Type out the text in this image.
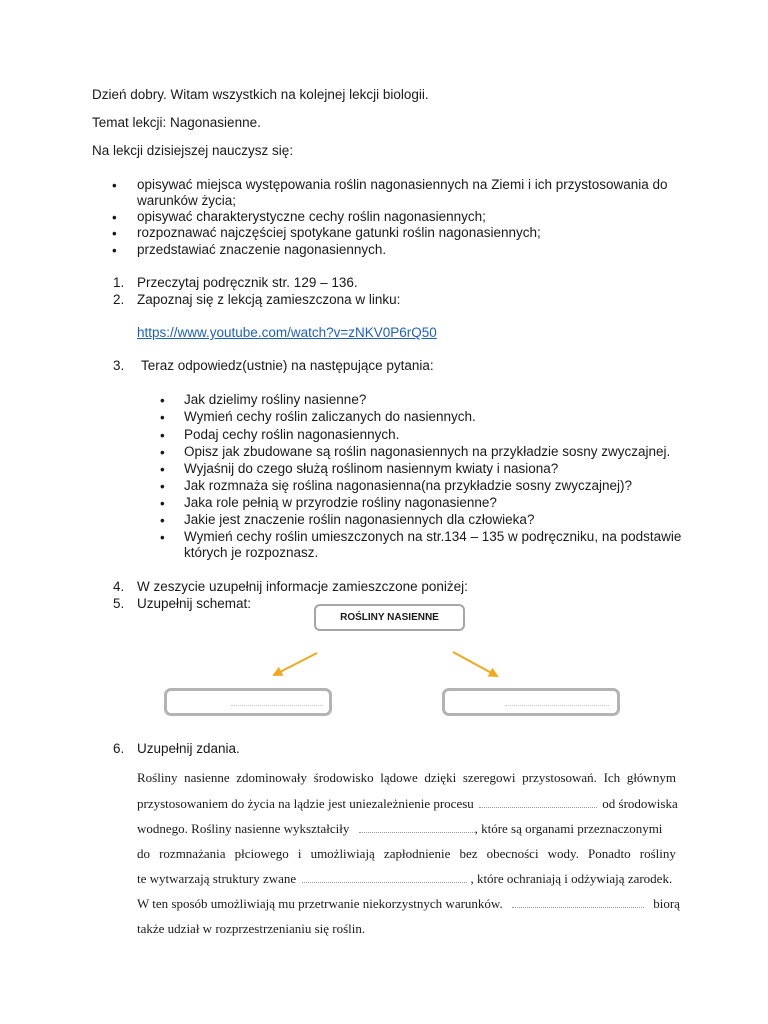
Dzień dobry. Witam wszystkich na kolejnej lekcji biologii.
Temat lekcji: Nagonasienne.
Na lekcji dzisiejszej nauczysz się:
• opisywać miejsca występowania roślin nagonasiennych na Ziemi i ich przystosowania do
warunków życia;
• opisywać charakterystyczne cechy roślin nagonasiennych;
• rozpoznawać najczęściej spotykane gatunki roślin nagonasiennych;
• przedstawiać znaczenie nagonasiennych.
1. Przeczytaj podręcznik str. 129 – 136.
2. Zapoznaj się z lekcją zamieszczona w linku:
https://www.youtube.com/watch?v=zNKV0P6rQ50
3. Teraz odpowiedz(ustnie) na następujące pytania:
• Jak dzielimy rośliny nasienne?
• Wymień cechy roślin zaliczanych do nasiennych.
• Podaj cechy roślin nagonasiennych.
• Opisz jak zbudowane są roślin nagonasiennych na przykładzie sosny zwyczajnej.
• Wyjaśnij do czego służą roślinom nasiennym kwiaty i nasiona?
• Jak rozmnaża się roślina nagonasienna(na przykładzie sosny zwyczajnej)?
• Jaka role pełnią w przyrodzie rośliny nagonasienne?
• Jakie jest znaczenie roślin nagonasiennych dla człowieka?
• Wymień cechy roślin umieszczonych na str.134 – 135 w podręczniku, na podstawie
których je rozpoznasz.
4. W zeszycie uzupełnij informacje zamieszczone poniżej:
5. Uzupełnij schemat:
ROŚLINY NASIENNE
6. Uzupełnij zdania.
Rośliny nasienne zdominowały środowisko lądowe dzięki szeregowi przystosowań. Ich głównym
przystosowaniem do życia na lądzie jest uniezależnienie procesu	od środowiska
wodnego. Rośliny nasienne wykształciły	, które są organami przeznaczonymi
do rozmnażania płciowego i umożliwiają zapłodnienie bez obecności wody. Ponadto rośliny
te wytwarzają struktury zwane	, które ochraniają i odżywiają zarodek.
W ten sposób umożliwiają mu przetrwanie niekorzystnych warunków.	biorą
także udział w rozprzestrzenianiu się roślin.
